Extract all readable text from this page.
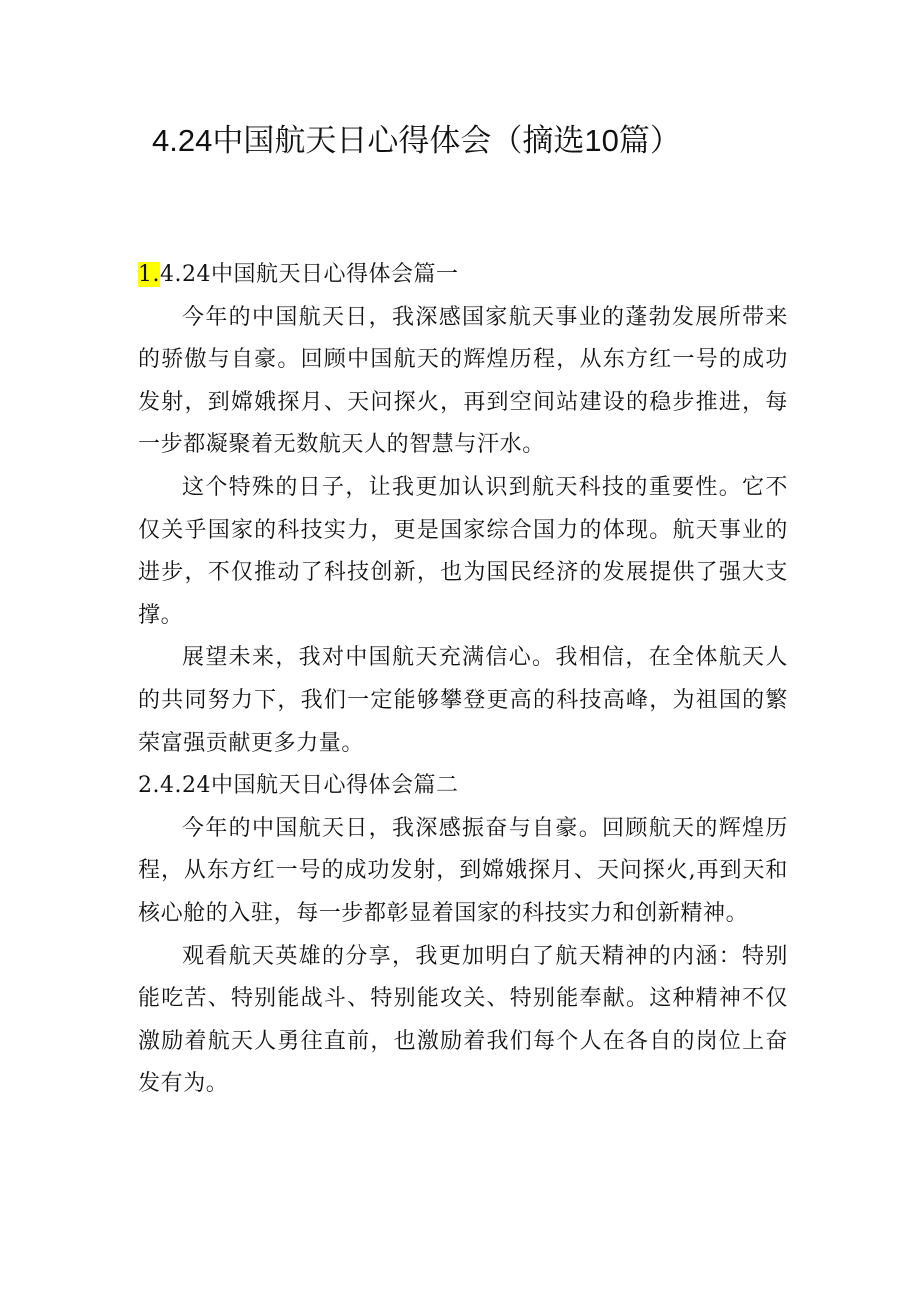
4.24中国航天日心得体会（摘选10篇）

1.4.24中国航天日心得体会篇一

今年的中国航天日，我深感国家航天事业的蓬勃发展所带来的骄傲与自豪。回顾中国航天的辉煌历程，从东方红一号的成功发射，到嫦娥探月、天问探火，再到空间站建设的稳步推进，每一步都凝聚着无数航天人的智慧与汗水。

这个特殊的日子，让我更加认识到航天科技的重要性。它不仅关乎国家的科技实力，更是国家综合国力的体现。航天事业的进步，不仅推动了科技创新，也为国民经济的发展提供了强大支撑。

展望未来，我对中国航天充满信心。我相信，在全体航天人的共同努力下，我们一定能够攀登更高的科技高峰，为祖国的繁荣富强贡献更多力量。

2.4.24中国航天日心得体会篇二

今年的中国航天日，我深感振奋与自豪。回顾航天的辉煌历程，从东方红一号的成功发射，到嫦娥探月、天问探火,再到天和核心舱的入驻，每一步都彰显着国家的科技实力和创新精神。

观看航天英雄的分享，我更加明白了航天精神的内涵：特别能吃苦、特别能战斗、特别能攻关、特别能奉献。这种精神不仅激励着航天人勇往直前，也激励着我们每个人在各自的岗位上奋发有为。
